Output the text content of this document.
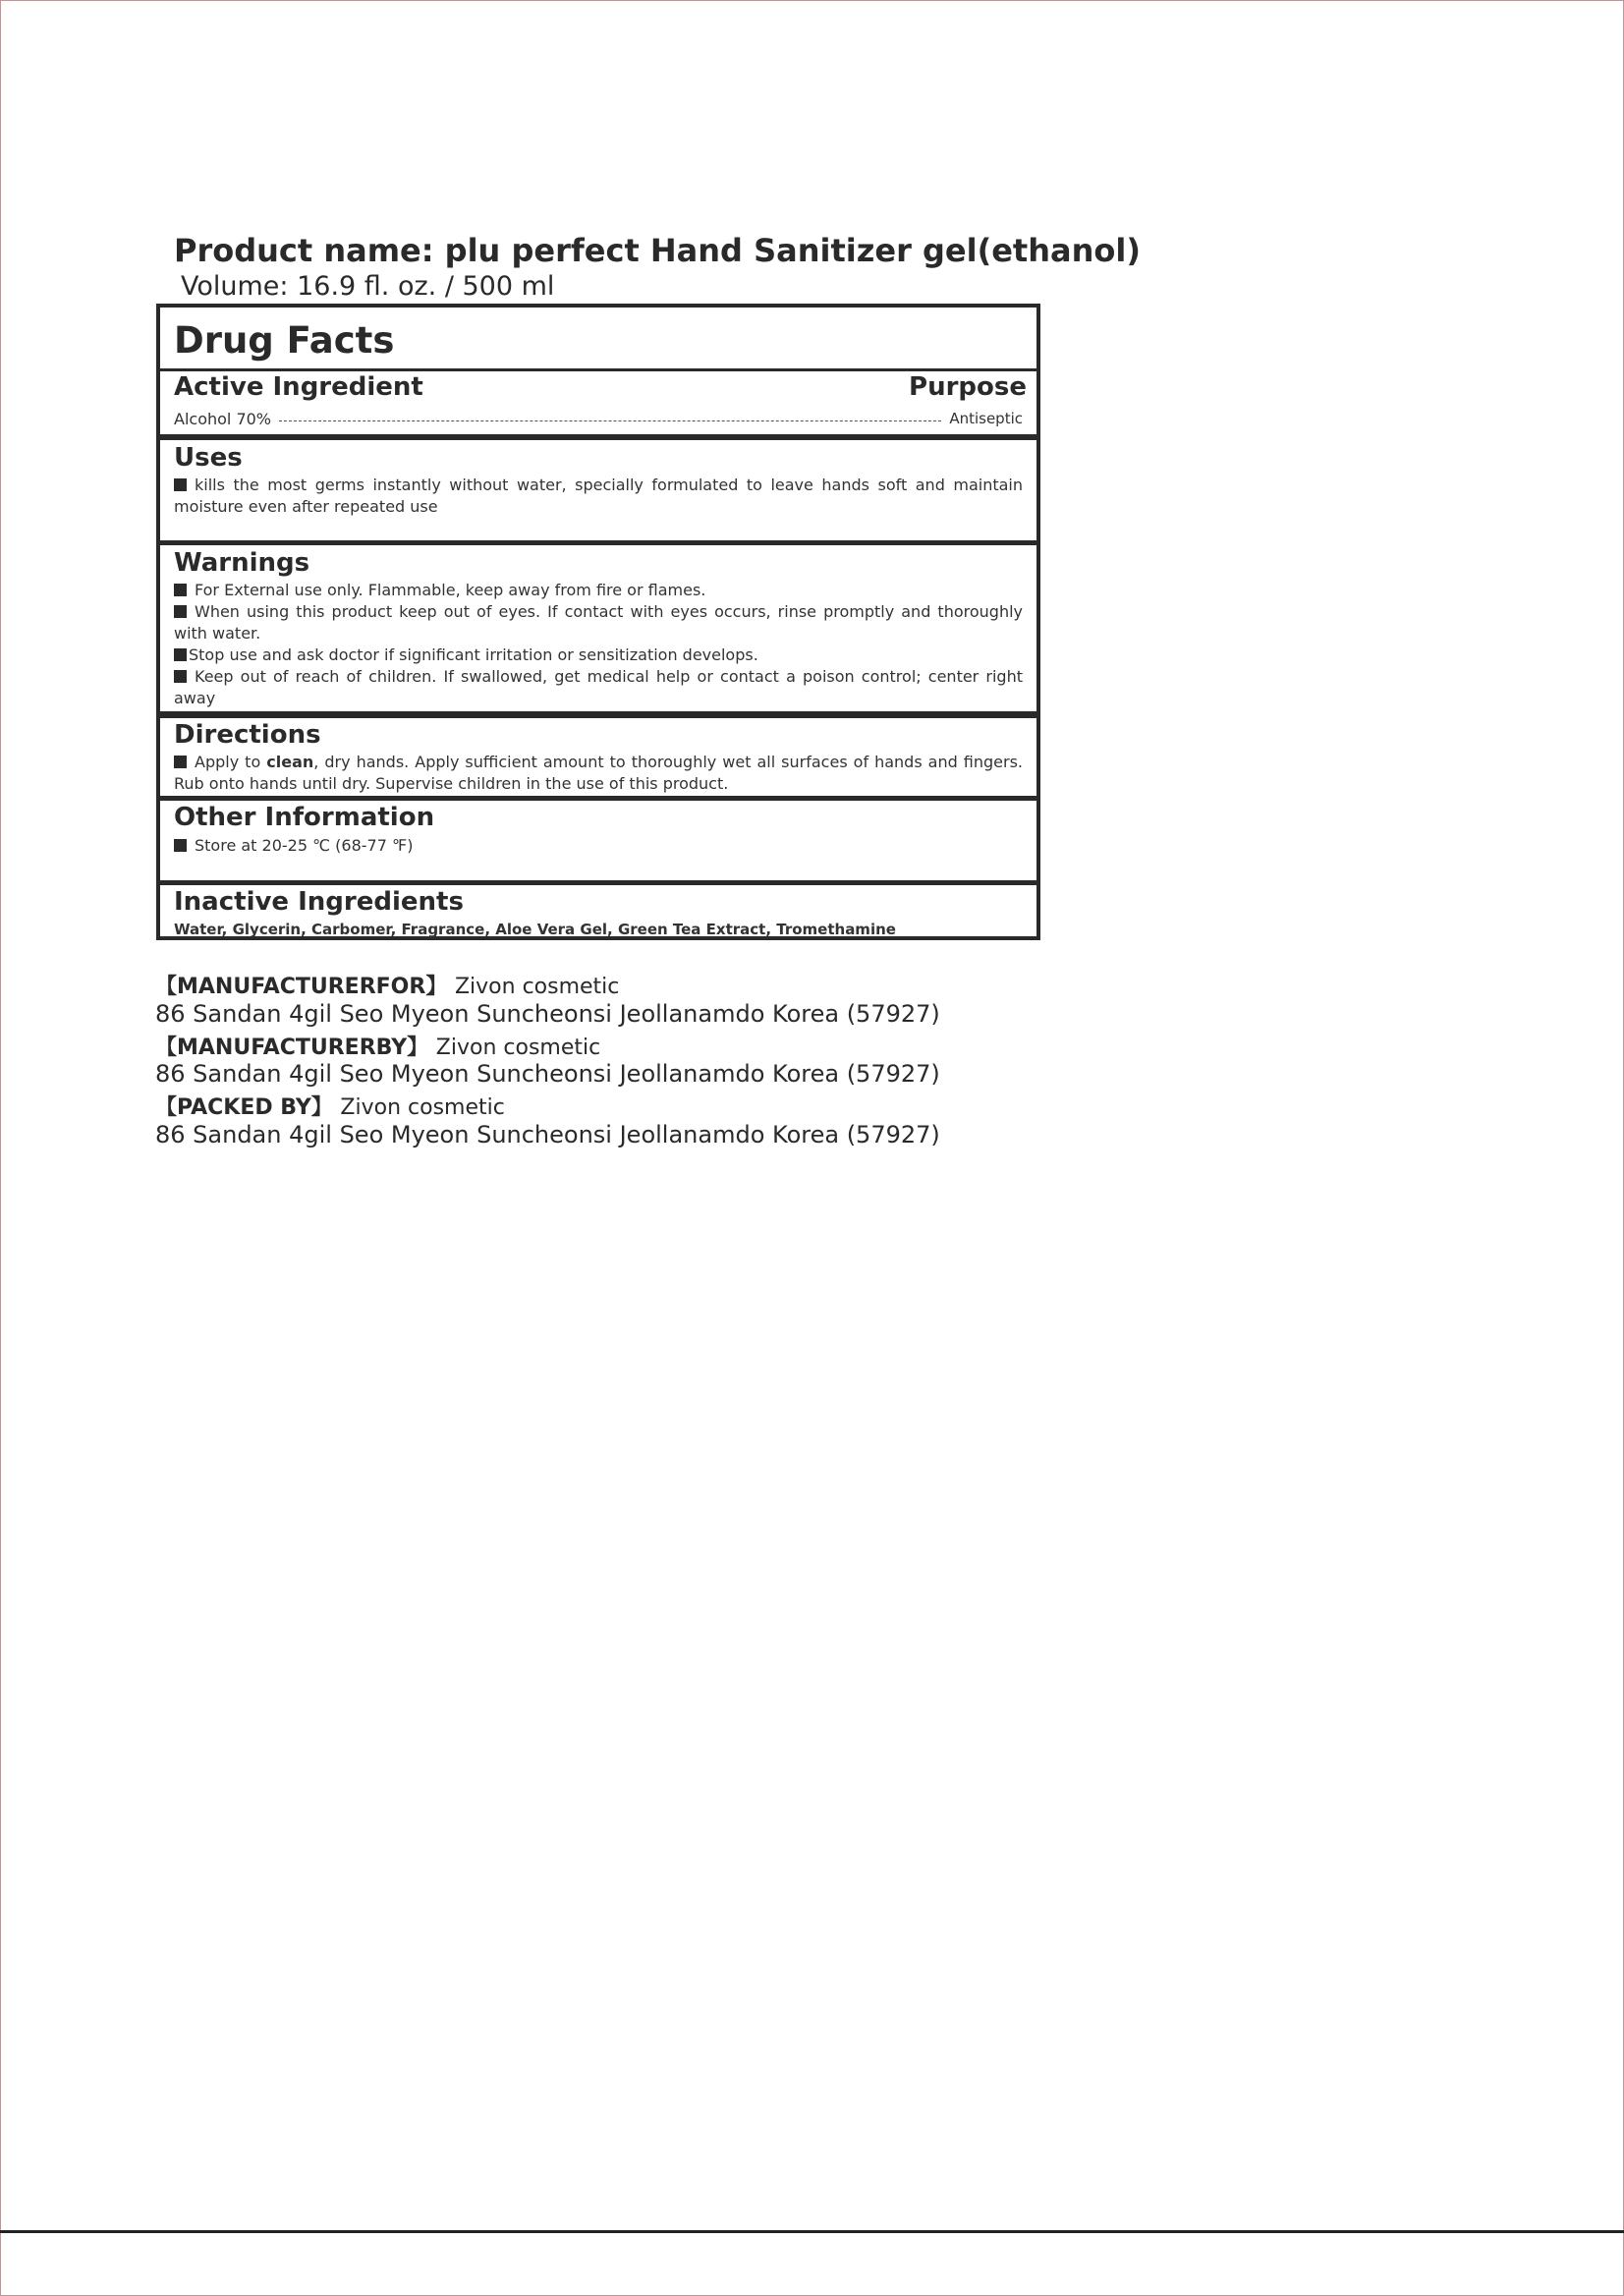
Product name: plu perfect Hand Sanitizer gel(ethanol)
Volume: 16.9 fl. oz. / 500 ml
Drug Facts
Active Ingredient	Purpose
Alcohol 70%	Antiseptic
Uses
kills the most germs instantly without water, specially formulated to leave hands soft and maintain moisture even after repeated use
Warnings
For External use only. Flammable, keep away from fire or flames.
When using this product keep out of eyes. If contact with eyes occurs, rinse promptly and thoroughly with water.
Stop use and ask doctor if significant irritation or sensitization develops.
Keep out of reach of children. If swallowed, get medical help or contact a poison control; center right away
Directions
Apply to clean, dry hands. Apply sufficient amount to thoroughly wet all surfaces of hands and fingers. Rub onto hands until dry. Supervise children in the use of this product.
Other Information
Store at 20-25 ℃ (68-77 ℉)
Inactive Ingredients
Water, Glycerin, Carbomer, Fragrance, Aloe Vera Gel, Green Tea Extract, Tromethamine
【MANUFACTURERFOR】 Zivon cosmetic
86 Sandan 4gil Seo Myeon Suncheonsi Jeollanamdo Korea (57927)
【MANUFACTURERBY】 Zivon cosmetic
86 Sandan 4gil Seo Myeon Suncheonsi Jeollanamdo Korea (57927)
【PACKED BY】 Zivon cosmetic
86 Sandan 4gil Seo Myeon Suncheonsi Jeollanamdo Korea (57927)
